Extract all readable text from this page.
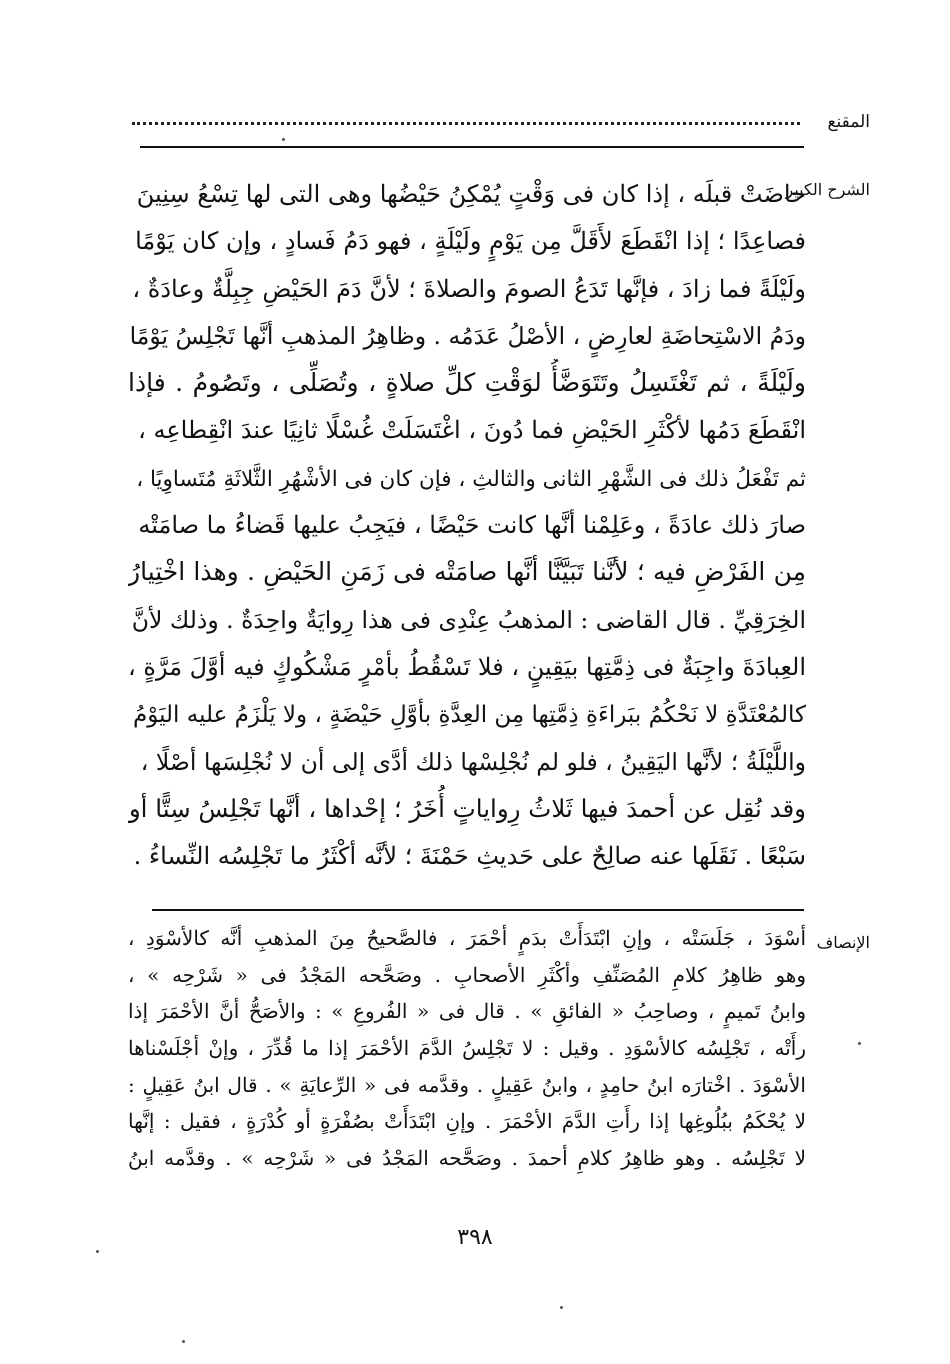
المقنع
الشرح الكبير
حاضَتْ قبلَه ، إذا كان فى وَقْتٍ يُمْكِنُ حَيْضُها وهى التى لها تِسْعُ سِنِينَ
فصاعِدًا ؛ إذا انْقَطَعَ لأَقَلَّ مِن يَوْمٍ ولَيْلَةٍ ، فهو دَمُ فَسادٍ ، وإن كان يَوْمًا
ولَيْلَةً فما زادَ ، فإنَّها تَدَعُ الصومَ والصلاةَ ؛ لأنَّ دَمَ الحَيْضِ جِبِلَّةٌ وعادَةٌ ،
ودَمُ الاسْتِحاضَةِ لعارِضٍ ، الأصْلُ عَدَمُه . وظاهِرُ المذهبِ أنَّها تَجْلِسُ يَوْمًا
ولَيْلَةً ، ثم تَغْتَسِلُ وتَتَوَضَّأُ لوَقْتِ كلِّ صلاةٍ ، وتُصَلِّى ، وتَصُومُ . فإذا
انْقَطَعَ دَمُها لأكْثَرِ الحَيْضِ فما دُونَ ، اغْتَسَلَتْ غُسْلًا ثانِيًا عندَ انْقِطاعِه ،
ثم تَفْعَلُ ذلك فى الشَّهْرِ الثانى والثالثِ ، فإن كان فى الأشْهُرِ الثَّلاثَةِ مُتَساوِيًا ،
صارَ ذلك عادَةً ، وعَلِمْنا أنَّها كانت حَيْضًا ، فيَجِبُ عليها قَضاءُ ما صامَتْه
مِن الفَرْضِ فيه ؛ لأنَّنا تَبَيَّنَّا أنَّها صامَتْه فى زَمَنِ الحَيْضِ . وهذا اخْتِيارُ
الخِرَقِيِّ . قال القاضى : المذهبُ عِنْدِى فى هذا رِوايَةٌ واحِدَةٌ . وذلك لأنَّ
العِبادَةَ واجِبَةٌ فى ذِمَّتِها بيَقِينٍ ، فلا تَسْقُطُ بأمْرٍ مَشْكُوكٍ فيه أوَّلَ مَرَّةٍ ،
كالمُعْتَدَّةِ لا نَحْكُمُ ببَراءَةِ ذِمَّتِها مِن العِدَّةِ بأوَّلِ حَيْضَةٍ ، ولا يَلْزَمُ عليه اليَوْمُ
واللَّيْلَةُ ؛ لأنَّها اليَقِينُ ، فلو لم نُجْلِسْها ذلك أدَّى إلى أن لا نُجْلِسَها أصْلًا ،
وقد نُقِل عن أحمدَ فيها ثَلاثُ رِواياتٍ أُخَرُ ؛ إحْداها ، أنَّها تَجْلِسُ سِتًّا أو
سَبْعًا . نَقَلَها عنه صالِحٌ على حَديثِ حَمْنَةَ ؛ لأنَّه أكْثَرُ ما تَجْلِسُه النِّساءُ .
الإنصاف
أسْوَدَ ، جَلَسَتْه ، وإنِ ابْتَدَأَتْ بدَمٍ أحْمَرَ ، فالصَّحيحُ مِنَ المذهبِ أنَّه كالأسْوَدِ ،
وهو ظاهِرُ كلامِ المُصَنِّفِ وأكْثَرِ الأصحابِ . وصَحَّحه المَجْدُ فى « شَرْحِه » ،
وابنُ تَميمٍ ، وصاحِبُ « الفائقِ » . قال فى « الفُروعِ » : والأصَحُّ أنَّ الأحْمَرَ إذا
رأَتْه ، تَجْلِسُه كالأسْوَدِ . وقيل : لا تَجْلِسُ الدَّمَ الأحْمَرَ إذا ما قُدِّرَ ، وإنْ أجْلَسْناها
الأسْوَدَ . اخْتارَه ابنُ حامِدٍ ، وابنُ عَقِيلٍ . وقدَّمه فى « الرِّعايَةِ » . قال ابنُ عَقِيلٍ :
لا يُحْكَمُ ببُلُوغِها إذا رأَتِ الدَّمَ الأحْمَرَ . وإنِ ابْتَدَأَتْ بصُفْرَةٍ أو كُدْرَةٍ ، فقيل : إنَّها
لا تَجْلِسُه . وهو ظاهِرُ كلامِ أحمدَ . وصَحَّحه المَجْدُ فى « شَرْحِه » . وقدَّمه ابنُ
٣٩٨
